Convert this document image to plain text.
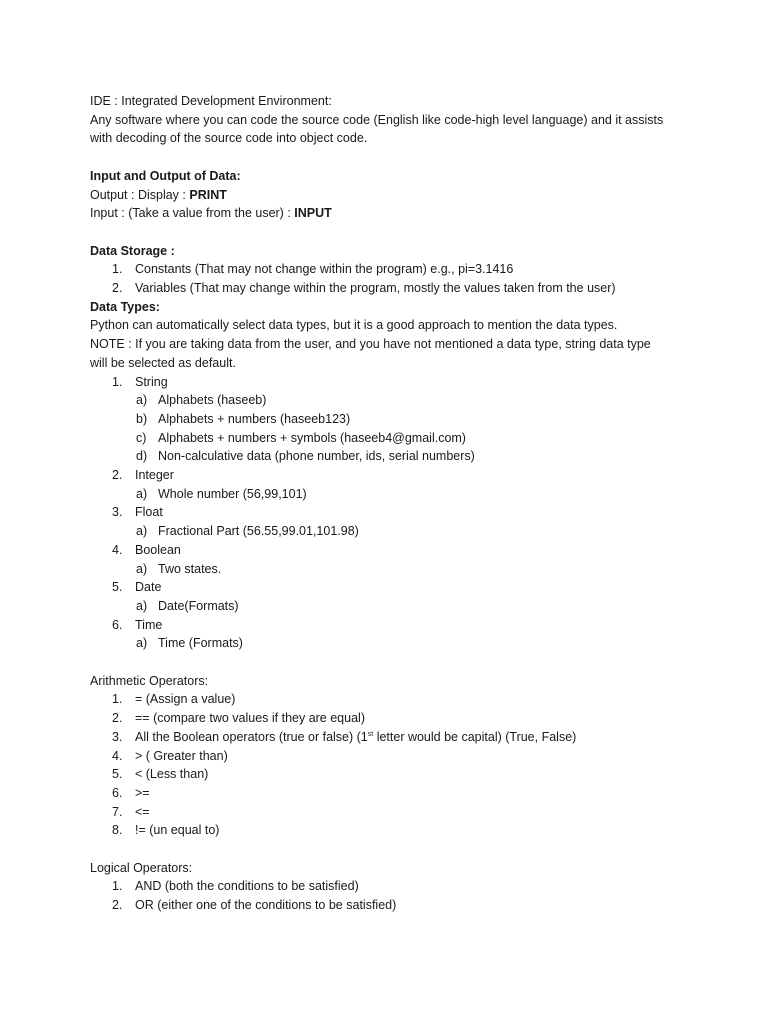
IDE : Integrated Development Environment:

Any software where you can code the source code (English like code-high level language) and it assists

with decoding of the source code into object code.

Input and Output of Data:

Output : Display : PRINT

Input : (Take a value from the user) : INPUT

Data Storage :

1. Constants (That may not change within the program) e.g., pi=3.1416
2. Variables (That may change within the program, mostly the values taken from the user)

Data Types:

Python can automatically select data types, but it is a good approach to mention the data types.

NOTE : If you are taking data from the user, and you have not mentioned a data type, string data type

will be selected as default.

1. String
a) Alphabets (haseeb)
b) Alphabets + numbers (haseeb123)
c) Alphabets + numbers + symbols (haseeb4@gmail.com)
d) Non-calculative data (phone number, ids, serial numbers)
2. Integer
a) Whole number (56,99,101)
3. Float
a) Fractional Part (56.55,99.01,101.98)
4. Boolean
a) Two states.
5. Date
a) Date(Formats)
6. Time
a) Time (Formats)

Arithmetic Operators:

1. = (Assign a value)
2. == (compare two values if they are equal)
3. All the Boolean operators (true or false) (1st letter would be capital) (True, False)
4. > ( Greater than)
5. < (Less than)
6. >=
7. <=
8. != (un equal to)

Logical Operators:

1. AND (both the conditions to be satisfied)
2. OR (either one of the conditions to be satisfied)
